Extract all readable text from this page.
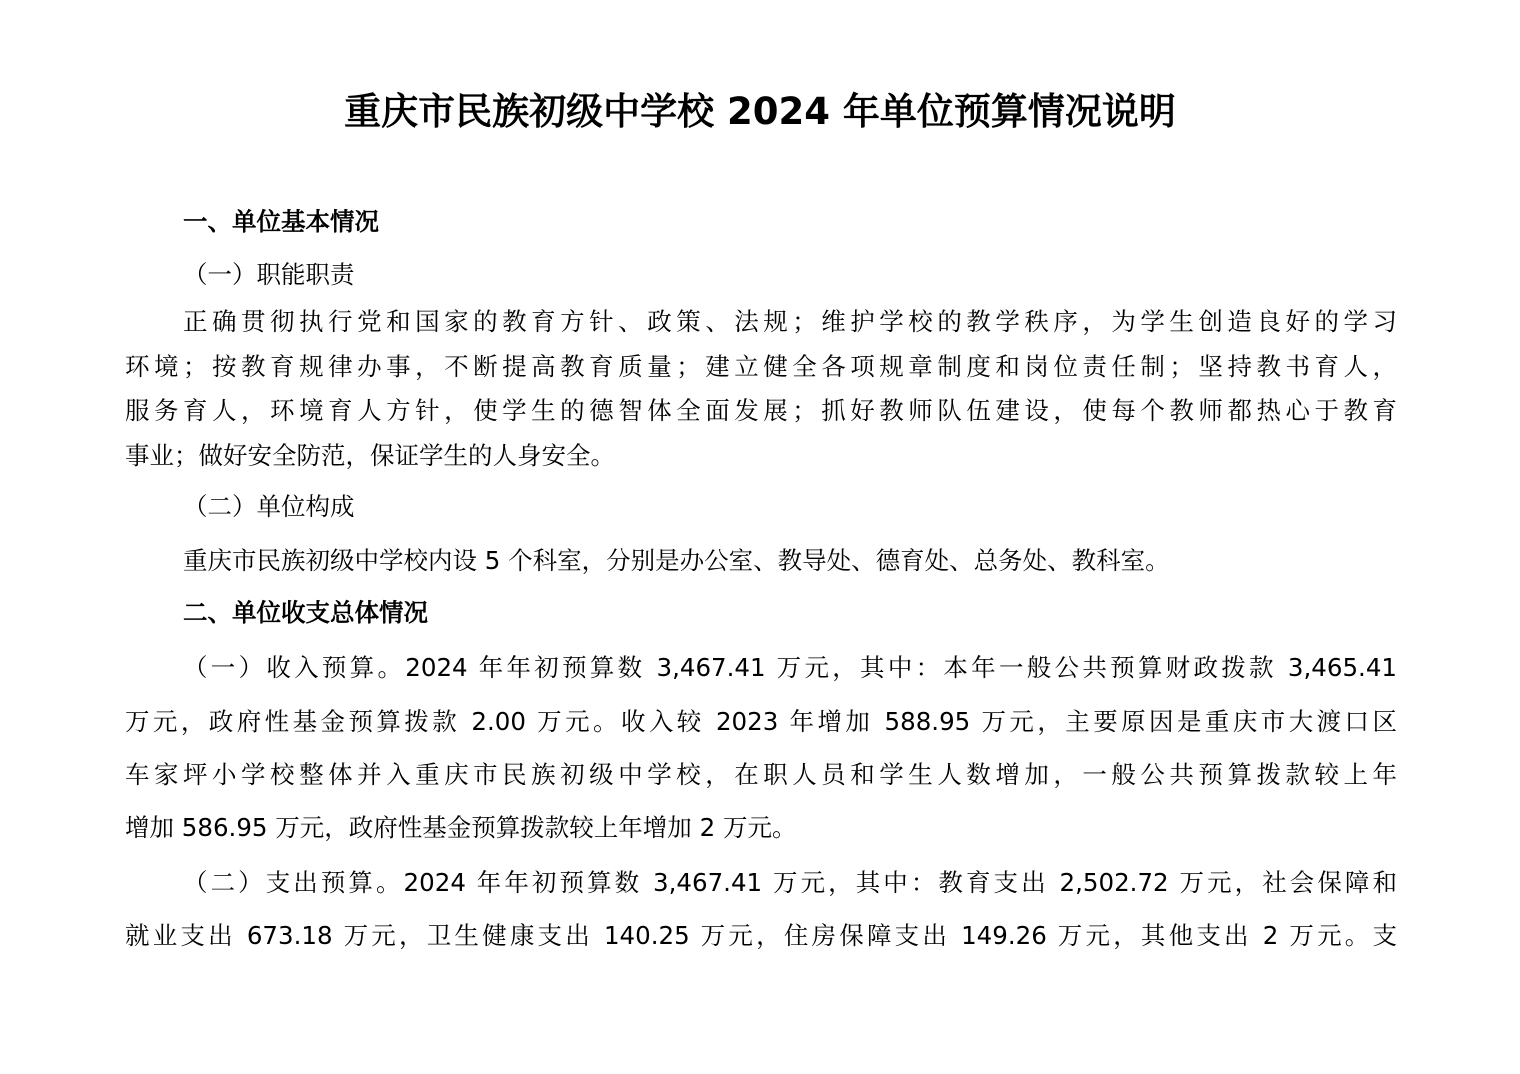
重庆市民族初级中学校 2024 年单位预算情况说明

一、单位基本情况

（一）职能职责

正确贯彻执行党和国家的教育方针、政策、法规；维护学校的教学秩序，为学生创造良好的学习

环境；按教育规律办事，不断提高教育质量；建立健全各项规章制度和岗位责任制；坚持教书育人，

服务育人，环境育人方针，使学生的德智体全面发展；抓好教师队伍建设，使每个教师都热心于教育

事业；做好安全防范，保证学生的人身安全。

（二）单位构成

重庆市民族初级中学校内设 5 个科室，分别是办公室、教导处、德育处、总务处、教科室。

二、单位收支总体情况

（一）收入预算。2024 年年初预算数 3,467.41 万元，其中：本年一般公共预算财政拨款 3,465.41

万元，政府性基金预算拨款 2.00 万元。收入较 2023 年增加 588.95 万元，主要原因是重庆市大渡口区

车家坪小学校整体并入重庆市民族初级中学校，在职人员和学生人数增加，一般公共预算拨款较上年

增加 586.95 万元，政府性基金预算拨款较上年增加 2 万元。

（二）支出预算。2024 年年初预算数 3,467.41 万元，其中：教育支出 2,502.72 万元，社会保障和

就业支出 673.18 万元，卫生健康支出 140.25 万元，住房保障支出 149.26 万元，其他支出 2 万元。支
